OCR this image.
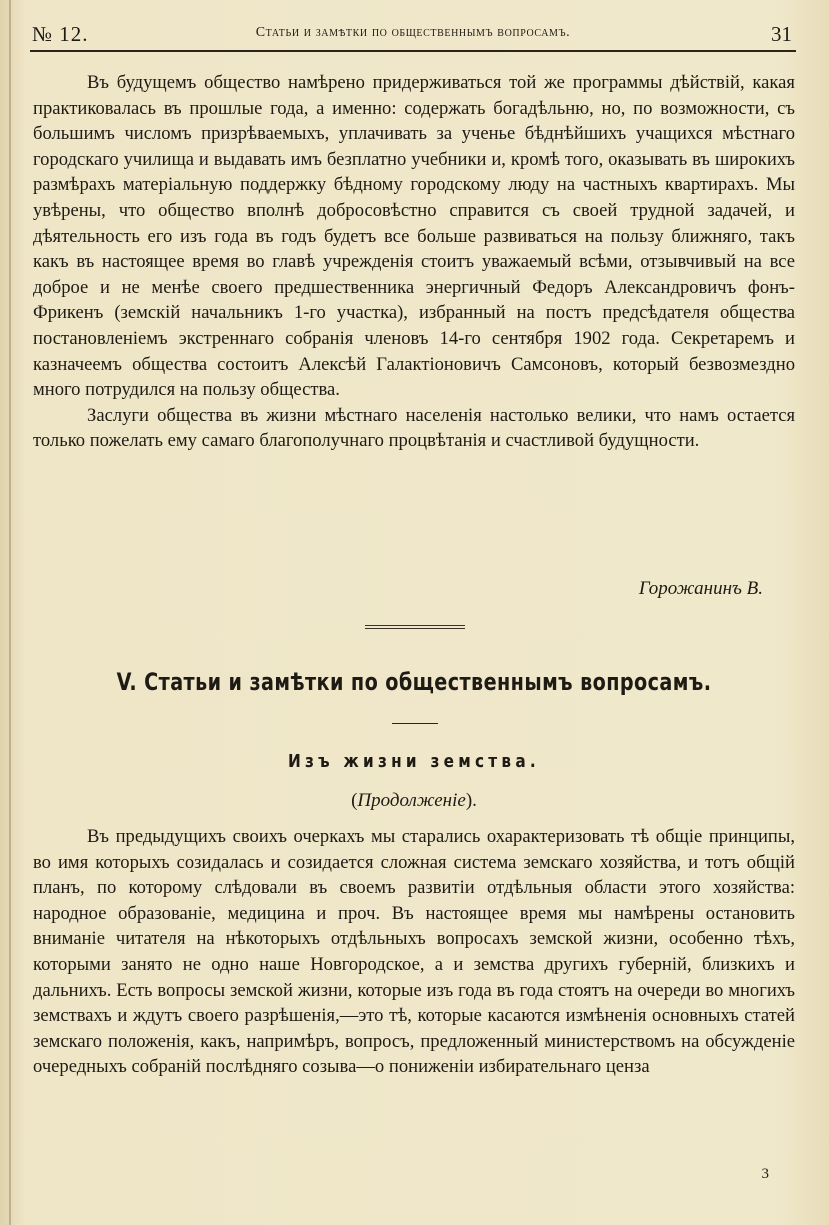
№ 12.	Статьи и замѣтки по общественнымъ вопросамъ.	31

Въ будущемъ общество намѣрено придерживаться той же программы дѣйствій, какая практиковалась въ прошлые года, а именно: содержать богадѣльню, но, по возможности, съ большимъ числомъ призрѣваемыхъ, уплачивать за ученье бѣднѣйшихъ учащихся мѣстнаго городскаго училища и выдавать имъ безплатно учебники и, кромѣ того, оказывать въ широкихъ размѣрахъ матеріальную поддержку бѣдному городскому люду на частныхъ квартирахъ. Мы увѣрены, что общество вполнѣ добросовѣстно справится съ своей трудной задачей, и дѣятельность его изъ года въ годъ будетъ все больше развиваться на пользу ближняго, такъ какъ въ настоящее время во главѣ учрежденія стоитъ уважаемый всѣми, отзывчивый на все доброе и не менѣе своего предшественника энергичный Федоръ Александровичъ фонъ-Фрикенъ (земскій начальникъ 1-го участка), избранный на постъ предсѣдателя общества постановленіемъ экстреннаго собранія членовъ 14-го сентября 1902 года. Секретаремъ и казначеемъ общества состоитъ Алексѣй Галактіоновичъ Самсоновъ, который безвозмездно много потрудился на пользу общества.

Заслуги общества въ жизни мѣстнаго населенія настолько велики, что намъ остается только пожелать ему самаго благополучнаго процвѣтанія и счастливой будущности.

Горожанинъ В.
V. Статьи и замѣтки по общественнымъ вопросамъ.
Изъ жизни земства.
(Продолженіе).

Въ предыдущихъ своихъ очеркахъ мы старались охарактеризовать тѣ общіе принципы, во имя которыхъ созидалась и созидается сложная система земскаго хозяйства, и тотъ общій планъ, по которому слѣдовали въ своемъ развитіи отдѣльныя области этого хозяйства: народное образованіе, медицина и проч. Въ настоящее время мы намѣрены остановить вниманіе читателя на нѣкоторыхъ отдѣльныхъ вопросахъ земской жизни, особенно тѣхъ, которыми занято не одно наше Новгородское, а и земства другихъ губерній, близкихъ и дальнихъ. Есть вопросы земской жизни, которые изъ года въ года стоятъ на очереди во многихъ земствахъ и ждутъ своего разрѣшенія,—это тѣ, которые касаются измѣненія основныхъ статей земскаго положенія, какъ, напримѣръ, вопросъ, предложенный министерствомъ на обсужденіе очередныхъ собраній послѣдняго созыва—о пониженіи избирательнаго ценза

3
